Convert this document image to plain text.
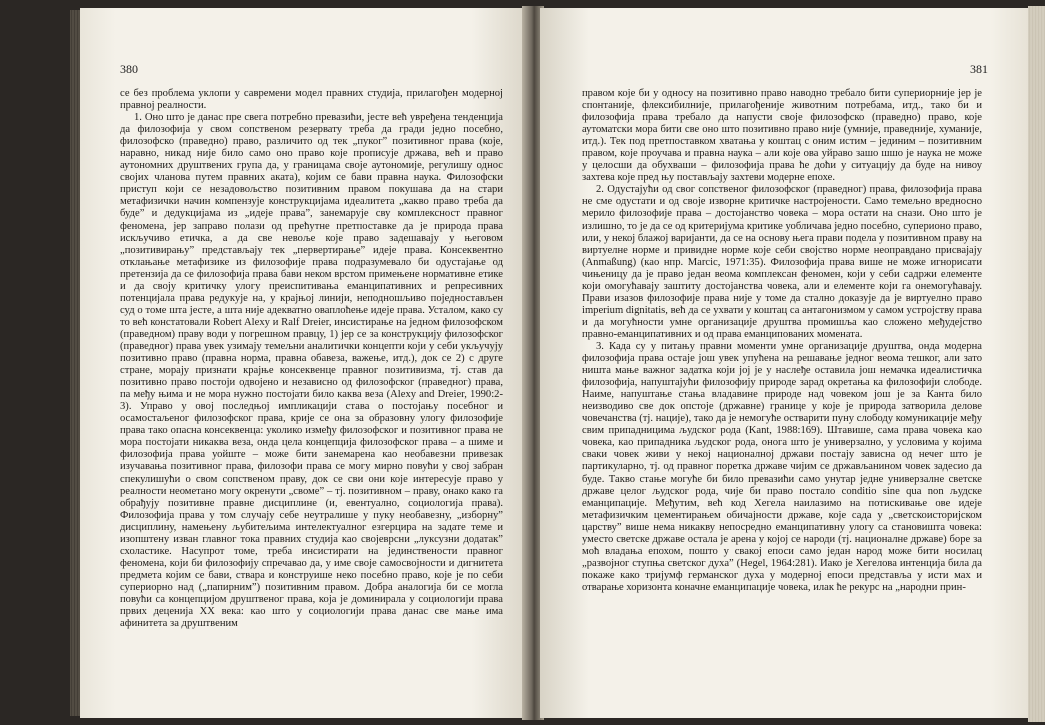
380

се без проблема уклопи у савремени модел правних студија, прилагођен модерној правној реалности.

1. Оно што је данас пре свега потребно превазићи, јесте већ увређена тенденција да филозофија у свом сопственом резервату треба да гради једно посебно, филозофско (праведно) право, различито од тек „пуког” позитивног права (које, наравно, никад није било само оно право које прописује држава, већ и право аутономних друштвених група да, у границама своје аутономије, регулишу однос својих чланова путем правних аката), којим се бави правна наука. Филозофски приступ који се незадовољство позитивним правом покушава да на стари метафизички начин компензује конструкцијама идеалитета „какво право треба да буде” и дедукцијама из „идеје права”, занемарује сву комплексност правног феномена, јер заправо полази од прећутне претпоставке да је природа права искључиво етичка, а да све невоље које право задешавају у његовом „позитивирању” представљају тек „первертирање” идеје права. Консеквентно отклањање метафизике из филозофије права подразумевало би одустајање од претензија да се филозофија права бави неком врстом примењене нормативне етике и да своју критичку улогу преиспитивања еманципативних и репресивних потенцијала права редукује на, у крајњој линији, неподношљиво поједностављен суд о томе шта јесте, а шта није адекватно оваплоћење идеје права. Усталом, како су то већ констатовали Robert Alexy и Ralf Dreier, инсистирање на једном филозофском (праведном) праву води у погрешном правцу, 1) јер се за конструкцију филозофског (праведног) права увек узимају темељни аналитички концепти који у себи укључују позитивно право (правна норма, правна обавеза, важење, итд.), док се 2) с друге стране, морају признати крајње консеквенце правног позитивизма, тј. став да позитивно право постоји одвојено и независно од филозофског (праведног) права, па међу њима и не мора нужно постојати било каква веза (Alexy and Dreier, 1990:2-3). Управо у овој последњој импликацији става о постојању посебног и осамостаљеног филозофског права, крије се она за образовну улогу филозофије права тако опасна консеквенца: уколико између филозофског и позитивног права не мора постојати никаква веза, онда цела концепција филозофског права – а шиме и филозофија права уойште – може бити занемарена као необавезни привезак изучавања позитивног права, филозофи права се могу мирно повући у свој забран спекулишући о свом сопственом праву, док се сви они које интересује право у реалности неометано могу окренути „своме” – тј. позитивном – праву, онако како га обрађују позитивне правне дисциплине (и, евентуално, социологија права). Филозофија права у том случају себе неутралише у пуку необавезну, „изборну” дисциплину, намењену љубитељима интелектуалног езгерцира на задате теме и изопштену изван главног тока правних студија као својеврсни „луксузни додатак” схоластике. Насупрот томе, треба инсистирати на јединствености правног феномена, који би филозофију спречавао да, у име своје самосвојности и дигнитета предмета којим се бави, ствара и конструише неко посебно право, које је по себи супериорно над („папирним”) позитивним правом. Добра аналогија би се могла повући са концепцијом друштвеног права, која је доминирала у социологији права првих деценија XX века: као што у социологији права данас све мање има афинитета за друштвеним

381

правом које би у односу на позитивно право наводно требало бити супериорније јер је спонтаније, флексибилније, прилагођеније животним потребама, итд., тако би и филозофија права требало да напусти своје филозофско (праведно) право, које аутоматски мора бити све оно што позитивно право није (умније, праведније, хуманије, итд.). Тек под претпоставком хватања у коштац с оним истим – јединим – позитивним правом, које проучава и правна наука – али које ова уйраво зашо шшо је наука не може у целосши да обухваши – филозофија права ће доћи у ситуацију да буде на нивоу захтева које пред њу постављају захтеви модерне епохе.

2. Одустајући од свог сопственог филозофског (праведног) права, филозофија права не сме одустати и од своје изворне критичке настројености. Само темељно вредносно мерило филозофије права – достојанство човека – мора остати на снази. Оно што је излишно, то је да се од критеријума критике уобличава једно посебно, суперионо право, или, у некој блажој варијанти, да се на основу њега прави подела у позитивном праву на виртуелне норме и привидне норме које себи својство норме неоправдано присвајају (Anmaßung) (као нпр. Marcic, 1971:35). Филозофија права више не може игнорисати чињеницу да је право један веома комплексан феномен, који у себи садржи елементе који омогућавају заштиту достојанства човека, али и елементе који га онемогућавају. Прави изазов филозофије права није у томе да стално доказује да је виртуелно право imperium dignitatis, већ да се ухвати у коштац са антагонизмом у самом устројству права и да могућности умне организације друштва промишља као сложено међудејство правно-еманципативних и од права еманципованих момената.

3. Када су у питању правни моменти умне организације друштва, онда модерна филозофија права остаје још увек упућена на решавање једног веома тешког, али зато ништа мање важног задатка који јој је у наслеђе оставила још немачка идеалистичка филозофија, напуштајући филозофију природе зарад окретања ка филозофији слободе. Наиме, напуштање стања владавине природе над човеком још је за Канта било неизводиво све док опстоје (државне) границе у које је природа затворила делове човечанства (тј. нације), тако да је немогуће остварити пуну слободу комуникације међу свим припадницима људског рода (Kant, 1988:169). Штавише, сама права човека као човека, као припадника људског рода, онога што је универзално, у условима у којима сваки човек живи у некој националној држави постају зависна од нечег што је партикуларно, тј. од правног поретка државе чијим се држављанином човек задесио да буде. Такво стање могуће би било превазићи само унутар једне универзалне светске државе целог људског рода, чије би право постало conditio sine qua non људске еманципације. Међутим, већ код Хегела наилазимо на потискивање ове идеје метафизичким цементирањем обичајности државе, које сада у „светскоисторијском царству” више нема никакву непосредно еманципативну улогу са становишта човека: уместо светске државе остала је арена у којој се народи (тј. националне државе) боре за моћ владања епохом, пошто у свакој епоси само један народ може бити носилац „развојног ступња светског духа” (Hegel, 1964:281). Иако је Хегелова интенција била да покаже како тријумф германског духа у модерној епоси представља у исти мах и отварање хоризонта коначне еманципације човека, илак ће рекурс на „народни прин-
